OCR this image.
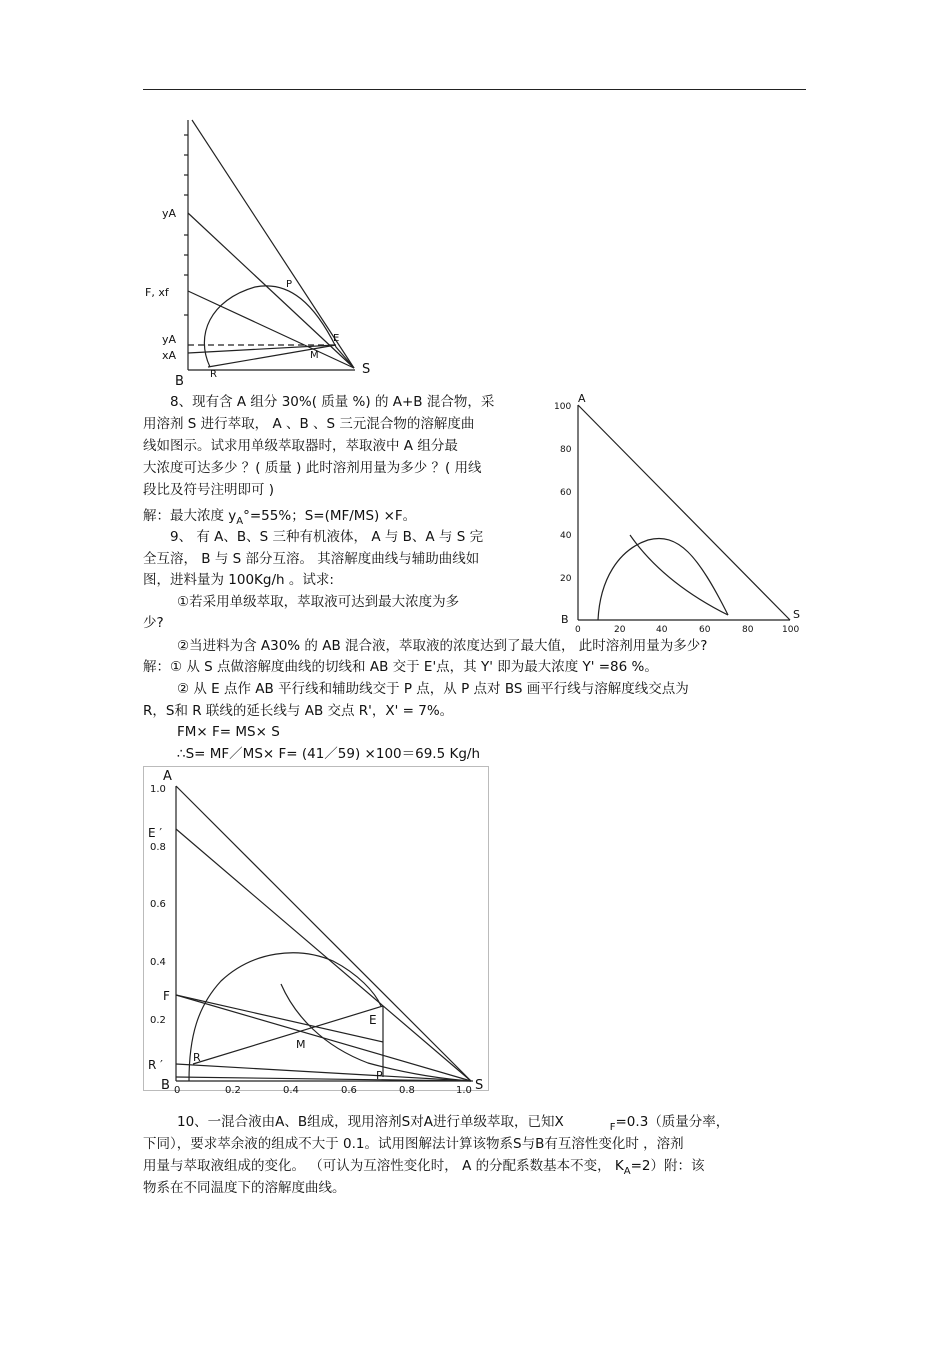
yA
F, xf
yA
xA
B
S
P
E
M
R
8、现有含 A 组分 30%( 质量 %) 的 A+B 混合物，采
用溶剂 S 进行萃取， A 、B 、S 三元混合物的溶解度曲
线如图示。试求用单级萃取器时，萃取液中 A 组分最
大浓度可达多少 ？( 质量 ) 此时溶剂用量为多少 ？( 用线
段比及符号注明即可 )
解：最大浓度 $y_A^\circ=55\%$；S=(MF/MS) ×F。
100
80
60
40
20
0	20	40	60	80	100
A
B	S
9、 有 A、B、S 三种有机液体， A 与 B、A 与 S 完
全互溶， B 与 S 部分互溶。 其溶解度曲线与辅助曲线如
图，进料量为 100Kg/h 。试求:
①若采用单级萃取，萃取液可达到最大浓度为多
少?
②当进料为含 A30% 的 AB 混合液，萃取液的浓度达到了最大值， 此时溶剂用量为多少?
解：① 从 S 点做溶解度曲线的切线和 AB 交于 E'点，其 Y' 即为最大浓度 Y' =86 %。
② 从 E 点作 AB 平行线和辅助线交于 P 点，从 P 点对 BS 画平行线与溶解度线交点为
R，S和 R 联线的延长线与 AB 交点 R'，X' = 7%。
FM× F= MS× S
∴S= MF／MS× F= (41／59) ×100＝69.5 Kg/h
1.0
0.8
0.6
0.4
0.2
0	0.2	0.4	0.6	0.8	1.0
A
E ′
F
R ′
B	S
E
M
R
P
10、一混合液由A、B组成，现用溶剂S对A进行单级萃取，已知X	$_F$=0.3（质量分率，
下同），要求萃余液的组成不大于 0.1。试用图解法计算该物系S与B有互溶性变化时 ，溶剂
用量与萃取液组成的变化。 （可认为互溶性变化时， A 的分配系数基本不变， $K_A=2$）附：该
物系在不同温度下的溶解度曲线。
